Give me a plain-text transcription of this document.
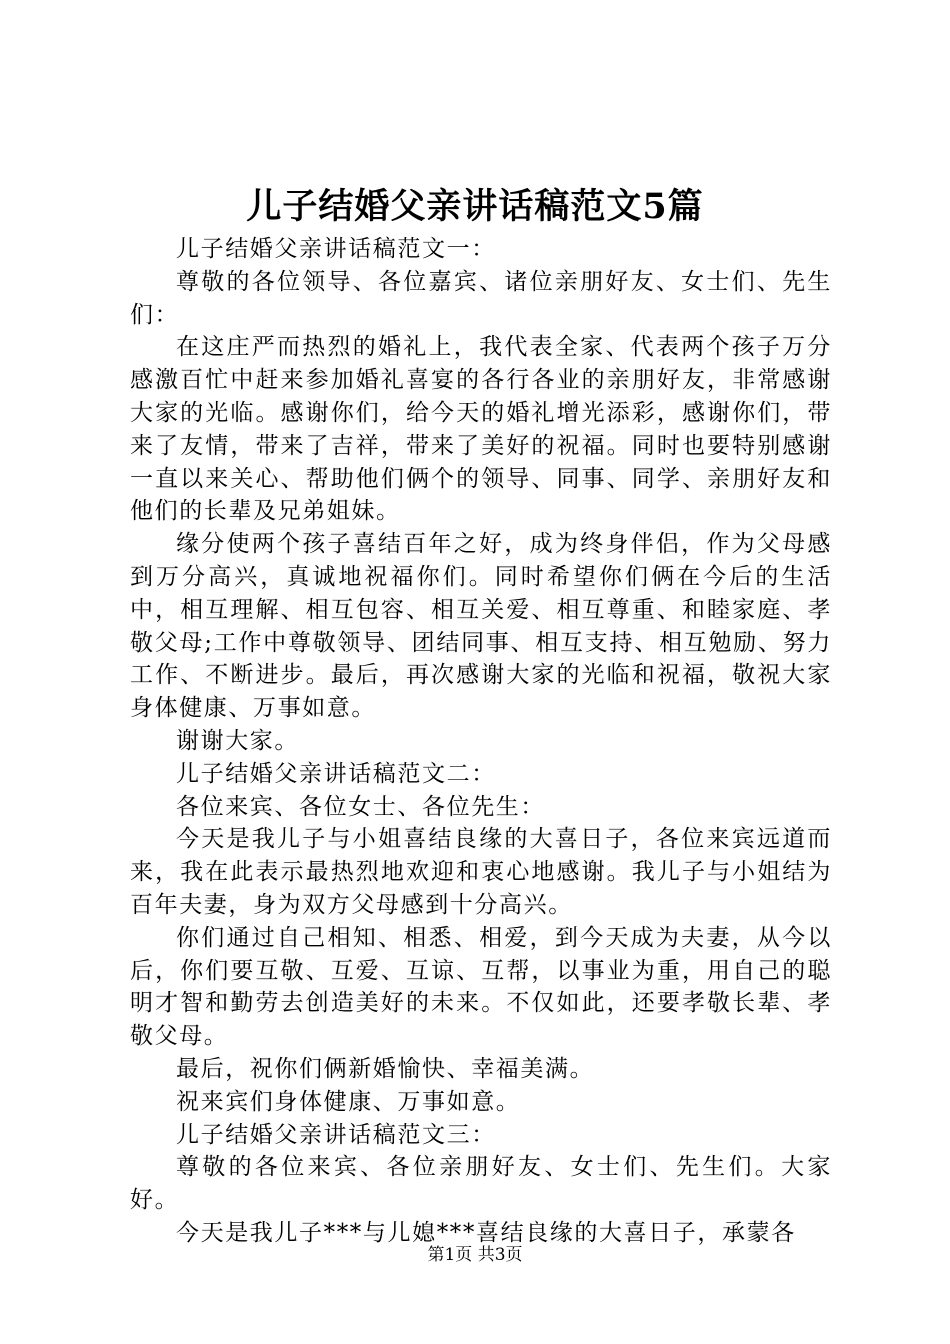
儿子结婚父亲讲话稿范文5篇

儿子结婚父亲讲话稿范文一：

尊敬的各位领导、各位嘉宾、诸位亲朋好友、女士们、先生们：

在这庄严而热烈的婚礼上，我代表全家、代表两个孩子万分感激百忙中赶来参加婚礼喜宴的各行各业的亲朋好友，非常感谢大家的光临。感谢你们，给今天的婚礼增光添彩，感谢你们，带来了友情，带来了吉祥，带来了美好的祝福。同时也要特别感谢一直以来关心、帮助他们俩个的领导、同事、同学、亲朋好友和他们的长辈及兄弟姐妹。

缘分使两个孩子喜结百年之好，成为终身伴侣，作为父母感到万分高兴，真诚地祝福你们。同时希望你们俩在今后的生活中，相互理解、相互包容、相互关爱、相互尊重、和睦家庭、孝敬父母;工作中尊敬领导、团结同事、相互支持、相互勉励、努力工作、不断进步。最后，再次感谢大家的光临和祝福，敬祝大家身体健康、万事如意。

谢谢大家。

儿子结婚父亲讲话稿范文二：

各位来宾、各位女士、各位先生：

今天是我儿子与小姐喜结良缘的大喜日子，各位来宾远道而来，我在此表示最热烈地欢迎和衷心地感谢。我儿子与小姐结为百年夫妻，身为双方父母感到十分高兴。

你们通过自己相知、相悉、相爱，到今天成为夫妻，从今以后，你们要互敬、互爱、互谅、互帮，以事业为重，用自己的聪明才智和勤劳去创造美好的未来。不仅如此，还要孝敬长辈、孝敬父母。

最后，祝你们俩新婚愉快、幸福美满。

祝来宾们身体健康、万事如意。

儿子结婚父亲讲话稿范文三：

尊敬的各位来宾、各位亲朋好友、女士们、先生们。大家好。

今天是我儿子***与儿媳***喜结良缘的大喜日子，承蒙各

第1页 共3页
